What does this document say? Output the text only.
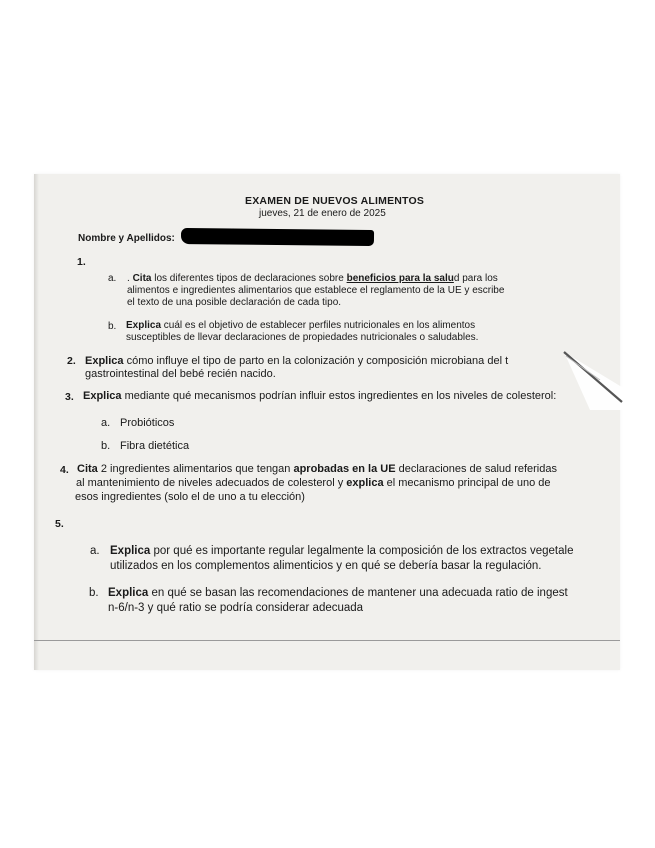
EXAMEN DE NUEVOS ALIMENTOS
jueves, 21 de enero de 2025
Nombre y Apellidos:
1.
a. . Cita los diferentes tipos de declaraciones sobre beneficios para la salud para los
alimentos e ingredientes alimentarios que establece el reglamento de la UE y escribe
el texto de una posible declaración de cada tipo.
b. Explica cuál es el objetivo de establecer perfiles nutricionales en los alimentos
susceptibles de llevar declaraciones de propiedades nutricionales o saludables.
2. Explica cómo influye el tipo de parto en la colonización y composición microbiana del t
gastrointestinal del bebé recién nacido.
3. Explica mediante qué mecanismos podrían influir estos ingredientes en los niveles de colesterol:
a. Probióticos
b. Fibra dietética
4. Cita 2 ingredientes alimentarios que tengan aprobadas en la UE declaraciones de salud referidas
al mantenimiento de niveles adecuados de colesterol y explica el mecanismo principal de uno de
esos ingredientes (solo el de uno a tu elección)
5.
a. Explica por qué es importante regular legalmente la composición de los extractos vegetale
utilizados en los complementos alimenticios y en qué se debería basar la regulación.
b. Explica en qué se basan las recomendaciones de mantener una adecuada ratio de ingest
n-6/n-3 y qué ratio se podría considerar adecuada
